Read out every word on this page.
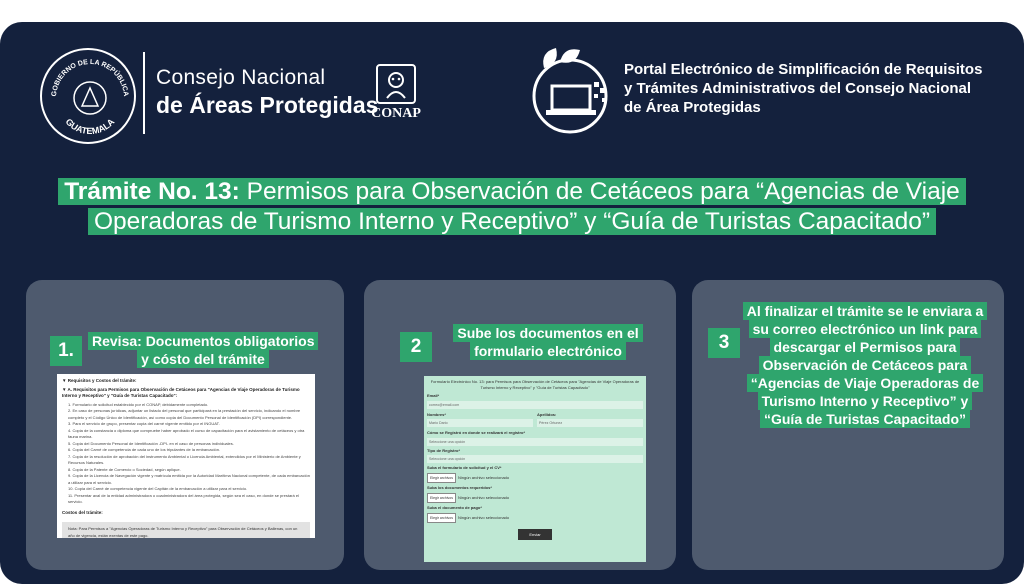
GOBIERNO DE LA REPÚBLICA
GUATEMALA
Consejo Nacional
de Áreas Protegidas
CONAP
Portal Electrónico de Simplificación de Requisitos y Trámites Administrativos del Consejo Nacional de Área Protegidas
Trámite No. 13: Permisos para Observación de Cetáceos para “Agencias de Viaje Operadoras de Turismo Interno y Receptivo” y “Guía de Turistas Capacitado”
1.	Revisa: Documentos obligatorios y cósto del trámite
▼ Requisitos y Costos del trámite:
▼ A. Requisitos para Permisos para Observación de Cetáceos para "Agencias de Viaje Operadoras de Turismo Interno y Receptivo" y "Guía de Turistas Capacitado":
1. Formulario de solicitud establecido por el CONAP, debidamente completado.
2. En caso de personas jurídicas, adjuntar un listado del personal que participará en la prestación del servicio, indicando el nombre completo y el Código Único de Identificación, así como copia del Documento Personal de Identificación (DPI) correspondiente.
3. Para el servicio de grupo, presentar copia del carné vigente emitido por el INGUAT.
4. Copia de la constancia o diploma que compruebe haber aprobado el curso de capacitación para el avistamiento de cetáceos y otra fauna marina.
5. Copia del Documento Personal de Identificación -DPI- en el caso de personas individuales.
6. Copia del Carné de competencia de cada uno de los tripulantes de la embarcación.
7. Copia de la resolución de aprobación del instrumento Ambiental o Licencia Ambiental, extendidos por el Ministerio de Ambiente y Recursos Naturales.
8. Copia de la Patente de Comercio o Sociedad, según aplique.
9. Copia de la Licencia de Navegación vigente y matrícula emitida por la Autoridad Marítima Nacional competente, de cada embarcación a utilizar para el servicio.
10. Copia del Carné de competencia vigente del Capitán de la embarcación a utilizar para el servicio.
11. Presentar aval de la entidad administradora o coadministradora del área protegida, según sea el caso, en donde se prestará el servicio.
Costos del trámite:
Nota: Para Permisos a "Agencias Operadoras de Turismo Interno y Receptivo" para Observación de Cetáceos y Ballenas, con un año de vigencia, están exentas de este pago.
2
Sube los documentos en el formulario electrónico
Formulario Electrónico No. 13: para Permisos para Observación de Cetáceos para "Agencias de Viaje Operadoras de Turismo Interno y Receptivo" y "Guía de Turistas Capacitado"
Email*
correo@email.com
Nombres*
Mario Dario
Apellidos:
Pérez Ortunez
Cómo se Registró en donde se realizará el registro*
Seleccione una opción
Tipo de Registro*
Seleccione una opción
Suba el formulario de solicitud y el CV*
Elegir archivos	Ningún archivo seleccionado
Suba los documentos requeridos*
Elegir archivos	Ningún archivo seleccionado
Suba el documento de pago*
Elegir archivos	Ningún archivo seleccionado
Enviar
3
Al finalizar el trámite se le enviara a su correo electrónico un link para descargar el Permisos para Observación de Cetáceos para “Agencias de Viaje Operadoras de Turismo Interno y Receptivo” y “Guía de Turistas Capacitado”
